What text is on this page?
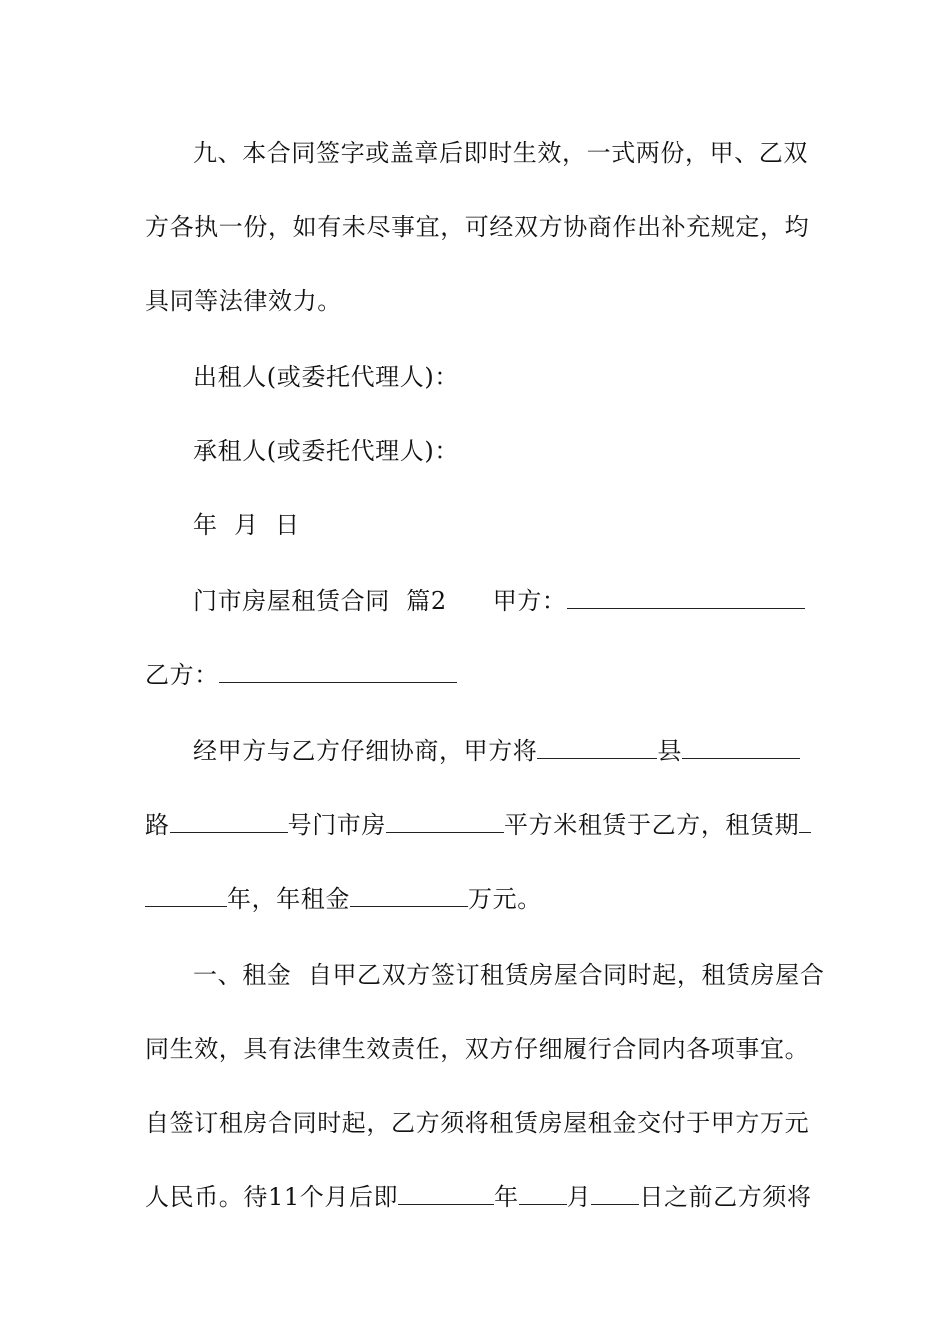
九、本合同签字或盖章后即时生效，一式两份，甲、乙双
方各执一份，如有未尽事宜，可经双方协商作出补充规定，均
具同等法律效力。
出租人(或委托代理人)：
承租人(或委托代理人)：
年  月  日
门市房屋租赁合同  篇2 甲方：
乙方：
经甲方与乙方仔细协商，甲方将	县
路	号门市房	平方米租赁于乙方，租赁期
年，年租金	万元。
一、租金  自甲乙双方签订租赁房屋合同时起，租赁房屋合
同生效，具有法律生效责任，双方仔细履行合同内各项事宜。
自签订租房合同时起，乙方须将租赁房屋租金交付于甲方万元
人民币。待11个月后即	年 月 日之前乙方须将
